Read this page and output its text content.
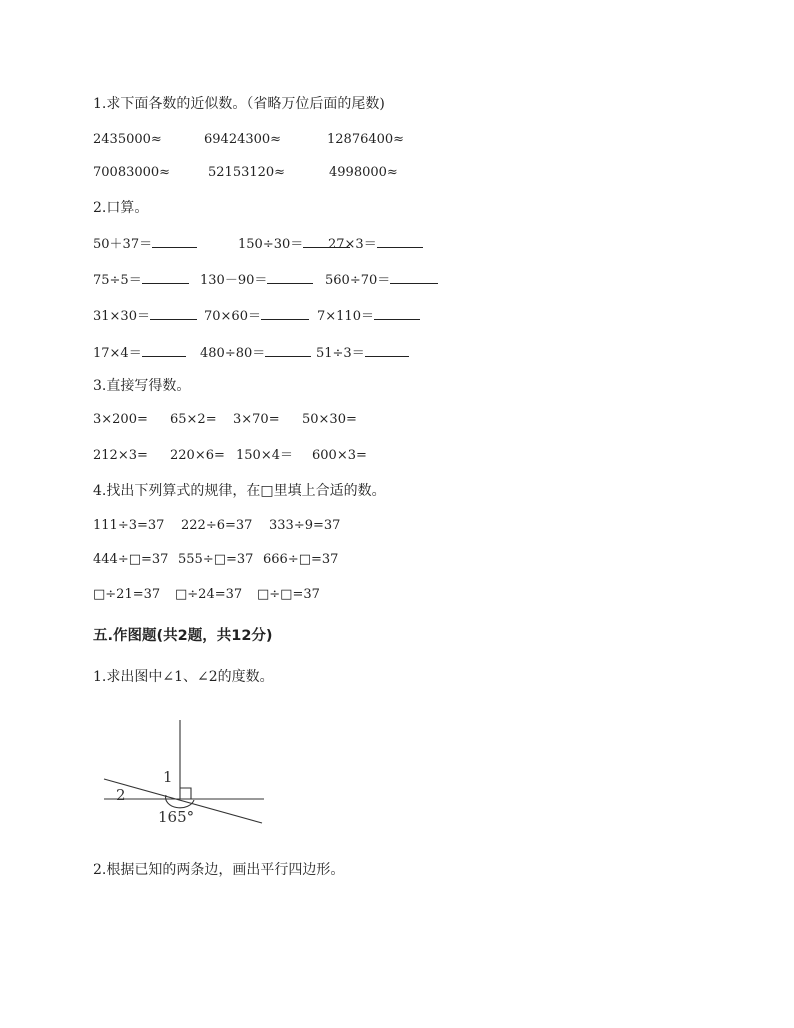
1.求下面各数的近似数。（省略万位后面的尾数)
2435000≈	69424300≈	12876400≈
70083000≈	52153120≈	4998000≈
2.口算。
50＋37＝	150÷30＝	27×3＝
75÷5＝	130－90＝	560÷70＝
31×30＝	70×60＝	7×110＝
17×4＝	480÷80＝	51÷3＝
3.直接写得数。
3×200= 65×2= 3×70= 50×30=
212×3= 220×6= 150×4＝ 600×3=
4.找出下列算式的规律，在□里填上合适的数。
111÷3=37 222÷6=37 333÷9=37
444÷□=37 555÷□=37 666÷□=37
□÷21=37 □÷24=37 □÷□=37
五.作图题(共2题，共12分)
1.求出图中∠1、∠2的度数。
1
2
165°
2.根据已知的两条边，画出平行四边形。
